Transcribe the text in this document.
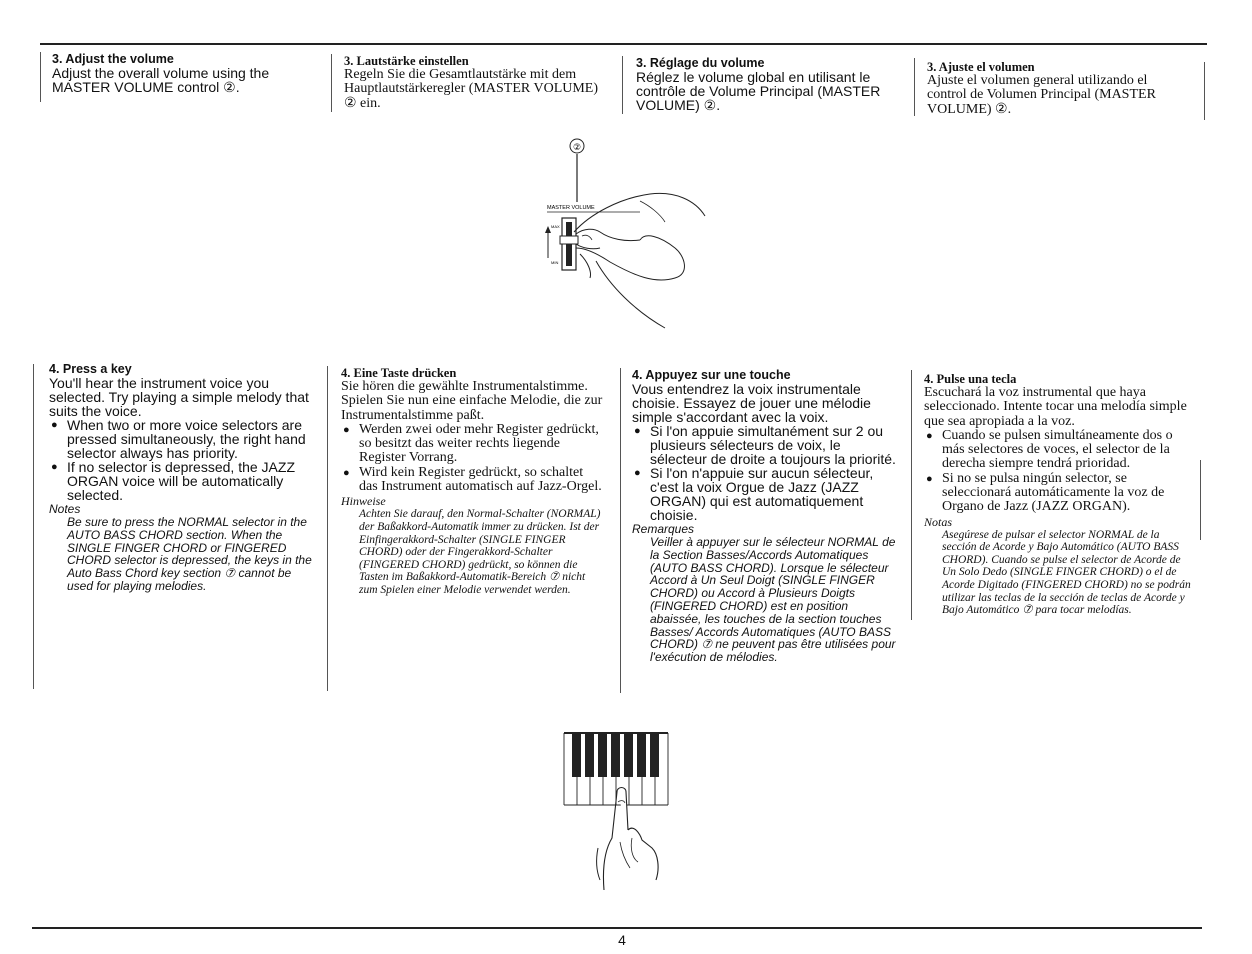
3. Adjust the volume

Adjust the overall volume using the MASTER VOLUME control ②.

3. Lautstärke einstellen

Regeln Sie die Gesamtlautstärke mit dem Hauptlautstärkeregler (MASTER VOLUME) ② ein.

3. Réglage du volume

Réglez le volume global en utilisant le contrôle de Volume Principal (MASTER VOLUME) ②.

3. Ajuste el volumen

Ajuste el volumen general utilizando el control de Volumen Principal (MASTER VOLUME) ②.

②
MASTER VOLUME
MAX
MIN
4. Press a key

You'll hear the instrument voice you selected. Try playing a simple melody that suits the voice.

● When two or more voice selectors are pressed simultaneously, the right hand selector always has priority.
● If no selector is depressed, the JAZZ ORGAN voice will be automatically selected.
Notes
Be sure to press the NORMAL selector in the AUTO BASS CHORD section. When the SINGLE FINGER CHORD or FINGERED CHORD selector is depressed, the keys in the Auto Bass Chord key section ⑦ cannot be used for playing melodies.
4. Eine Taste drücken

Sie hören die gewählte Instrumentalstimme. Spielen Sie nun eine einfache Melodie, die zur Instrumentalstimme paßt.

● Werden zwei oder mehr Register gedrückt, so besitzt das weiter rechts liegende Register Vorrang.
● Wird kein Register gedrückt, so schaltet das Instrument automatisch auf Jazz-Orgel.
Hinweise
Achten Sie darauf, den Normal-Schalter (NORMAL) der Baßakkord-Automatik immer zu drücken. Ist der Einfingerakkord-Schalter (SINGLE FINGER CHORD) oder der Fingerakkord-Schalter (FINGERED CHORD) gedrückt, so können die Tasten im Baßakkord-Automatik-Bereich ⑦ nicht zum Spielen einer Melodie verwendet werden.
4. Appuyez sur une touche

Vous entendrez la voix instrumentale choisie. Essayez de jouer une mélodie simple s'accordant avec la voix.

● Si l'on appuie simultanément sur 2 ou plusieurs sélecteurs de voix, le sélecteur de droite a toujours la priorité.
● Si l'on n'appuie sur aucun sélecteur, c'est la voix Orgue de Jazz (JAZZ ORGAN) qui est automatiquement choisie.
Remarques
Veiller à appuyer sur le sélecteur NORMAL de la Section Basses/Accords Automatiques (AUTO BASS CHORD). Lorsque le sélecteur Accord à Un Seul Doigt (SINGLE FINGER CHORD) ou Accord à Plusieurs Doigts (FINGERED CHORD) est en position abaissée, les touches de la section touches Basses/ Accords Automatiques (AUTO BASS CHORD) ⑦ ne peuvent pas être utilisées pour l'exécution de mélodies.
4. Pulse una tecla

Escuchará la voz instrumental que haya seleccionado. Intente tocar una melodía simple que sea apropiada a la voz.

● Cuando se pulsen simultáneamente dos o más selectores de voces, el selector de la derecha siempre tendrá prioridad.
● Si no se pulsa ningún selector, se seleccionará automáticamente la voz de Organo de Jazz (JAZZ ORGAN).
Notas
Asegúrese de pulsar el selector NORMAL de la sección de Acorde y Bajo Automático (AUTO BASS CHORD). Cuando se pulse el selector de Acorde de Un Solo Dedo (SINGLE FINGER CHORD) o el de Acorde Digitado (FINGERED CHORD) no se podrán utilizar las teclas de la sección de teclas de Acorde y Bajo Automático ⑦ para tocar melodías.
4
